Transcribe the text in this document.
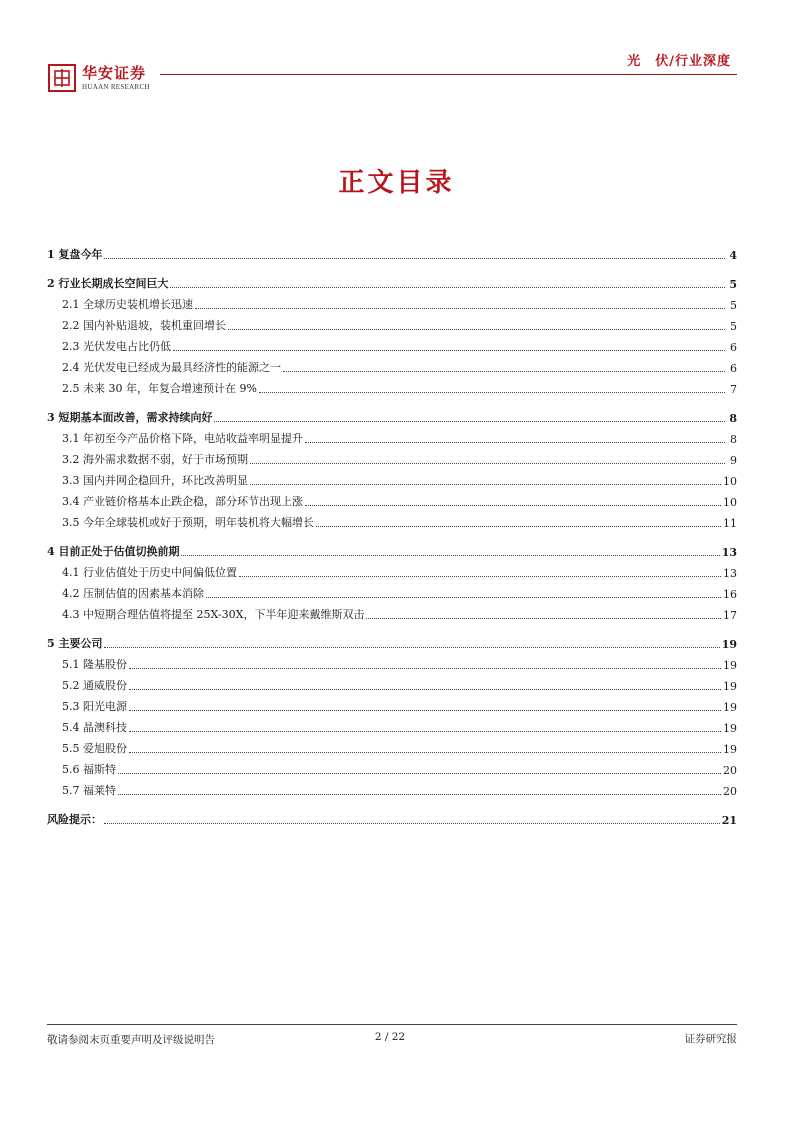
华安证券
HUAAN RESEARCH
光　伏/行业深度
正文目录
1 复盘今年	4
2 行业长期成长空间巨大	5
2.1 全球历史装机增长迅速	5
2.2 国内补贴退坡，装机重回增长	5
2.3 光伏发电占比仍低	6
2.4 光伏发电已经成为最具经济性的能源之一	6
2.5 未来 30 年，年复合增速预计在 9%	7
3 短期基本面改善，需求持续向好	8
3.1 年初至今产品价格下降，电站收益率明显提升	8
3.2 海外需求数据不弱，好于市场预期	9
3.3 国内并网企稳回升，环比改善明显	10
3.4 产业链价格基本止跌企稳，部分环节出现上涨	10
3.5 今年全球装机或好于预期，明年装机将大幅增长	11
4 目前正处于估值切换前期	13
4.1 行业估值处于历史中间偏低位置	13
4.2 压制估值的因素基本消除	16
4.3 中短期合理估值将提至 25X-30X，下半年迎来戴维斯双击	17
5 主要公司	19
5.1 隆基股份	19
5.2 通威股份	19
5.3 阳光电源	19
5.4 晶澳科技	19
5.5 爱旭股份	19
5.6 福斯特	20
5.7 福莱特	20
风险提示：	21
敬请参阅末页重要声明及评级说明告	2 / 22	证券研究报
